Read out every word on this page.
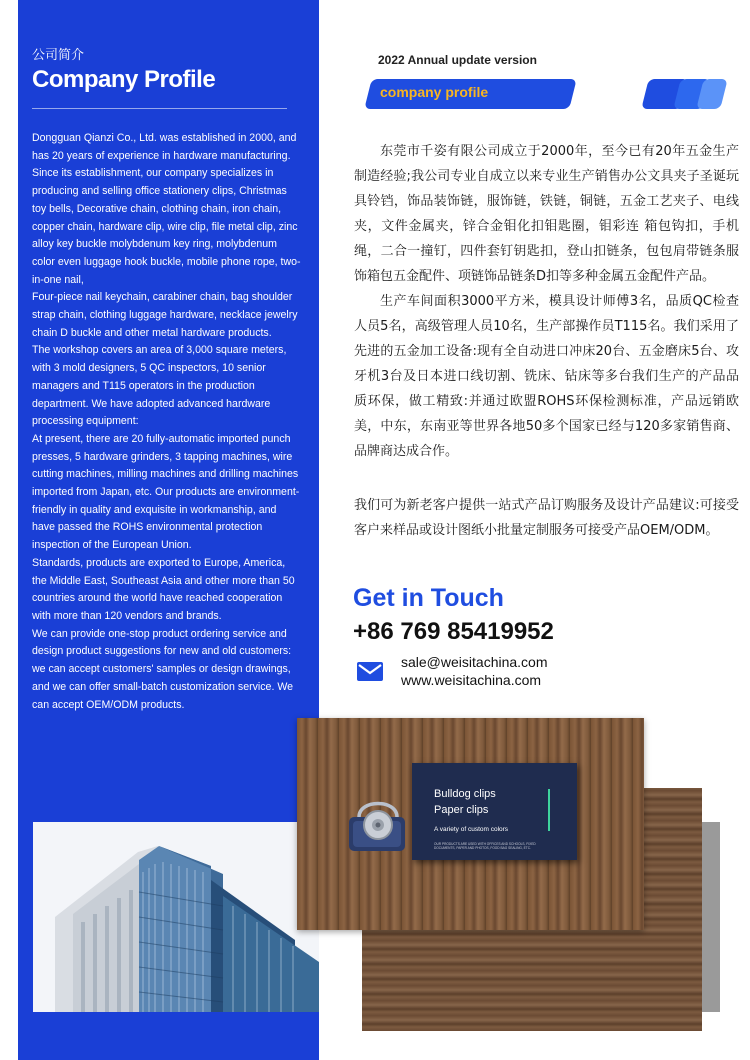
公司简介
Company Profile

Dongguan Qianzi Co., Ltd. was established in 2000, and has 20 years of experience in hardware manufacturing. Since its establishment, our company specializes in producing and selling office stationery clips, Christmas toy bells, Decorative chain, clothing chain, iron chain, copper chain, hardware clip, wire clip, file metal clip, zinc alloy key buckle molybdenum key ring, molybdenum color even luggage hook buckle, mobile phone rope, two-in-one nail,

Four-piece nail keychain, carabiner chain, bag shoulder strap chain, clothing luggage hardware, necklace jewelry chain D buckle and other metal hardware products.

The workshop covers an area of 3,000 square meters, with 3 mold designers, 5 QC inspectors, 10 senior managers and T115 operators in the production department. We have adopted advanced hardware processing equipment:

At present, there are 20 fully-automatic imported punch presses, 5 hardware grinders, 3 tapping machines, wire cutting machines, milling machines and drilling machines imported from Japan, etc. Our products are environment-friendly in quality and exquisite in workmanship, and have passed the ROHS environmental protection inspection of the European Union.

Standards, products are exported to Europe, America, the Middle East, Southeast Asia and other more than 50 countries around the world have reached cooperation with more than 120 vendors and brands.

We can provide one-stop product ordering service and design product suggestions for new and old customers: we can accept customers' samples or design drawings, and we can offer small-batch customization service. We can accept OEM/ODM products.

2022 Annual update version
company profile

东莞市千姿有限公司成立于2000年，至今已有20年五金生产制造经验;我公司专业自成立以来专业生产销售办公文具夹子圣诞玩具铃铛，饰品装饰链，服饰链，铁链，铜链，五金工艺夹子、电线夹，文件金属夹，锌合金钼化扣钼匙圈，钼彩连 箱包钩扣，手机绳，二合一撞钉，四件套钉钥匙扣，登山扣链条，包包肩带链条服饰箱包五金配件、项链饰品链条D扣等多种金属五金配件产品。

生产车间面积3000平方米，模具设计师傅3名，品质QC检查人员5名，高级管理人员10名，生产部操作员T115名。我们采用了先进的五金加工设备:现有全自动进口冲床20台、五金磨床5台、攻牙机3台及日本进口线切割、铣床、钻床等多台我们生产的产品品质环保，做工精致:并通过欧盟ROHS环保检测标准，产品远销欧美，中东，东南亚等世界各地50多个国家已经与120多家销售商、品牌商达成合作。

我们可为新老客户提供一站式产品订购服务及设计产品建议:可接受客户来样品或设计图纸小批量定制服务可接受产品OEM/ODM。

Get in Touch
+86 769 85419952
sale@weisitachina.com
www.weisitachina.com
Bulldog clips
Paper clips
A variety of custom colors
OUR PRODUCTS ARE USED WITH OFFICES AND SCHOOLS, FIXED DOCUMENTS, PAPER AND PHOTOS, FOOD BAG SEALING, ETC.
